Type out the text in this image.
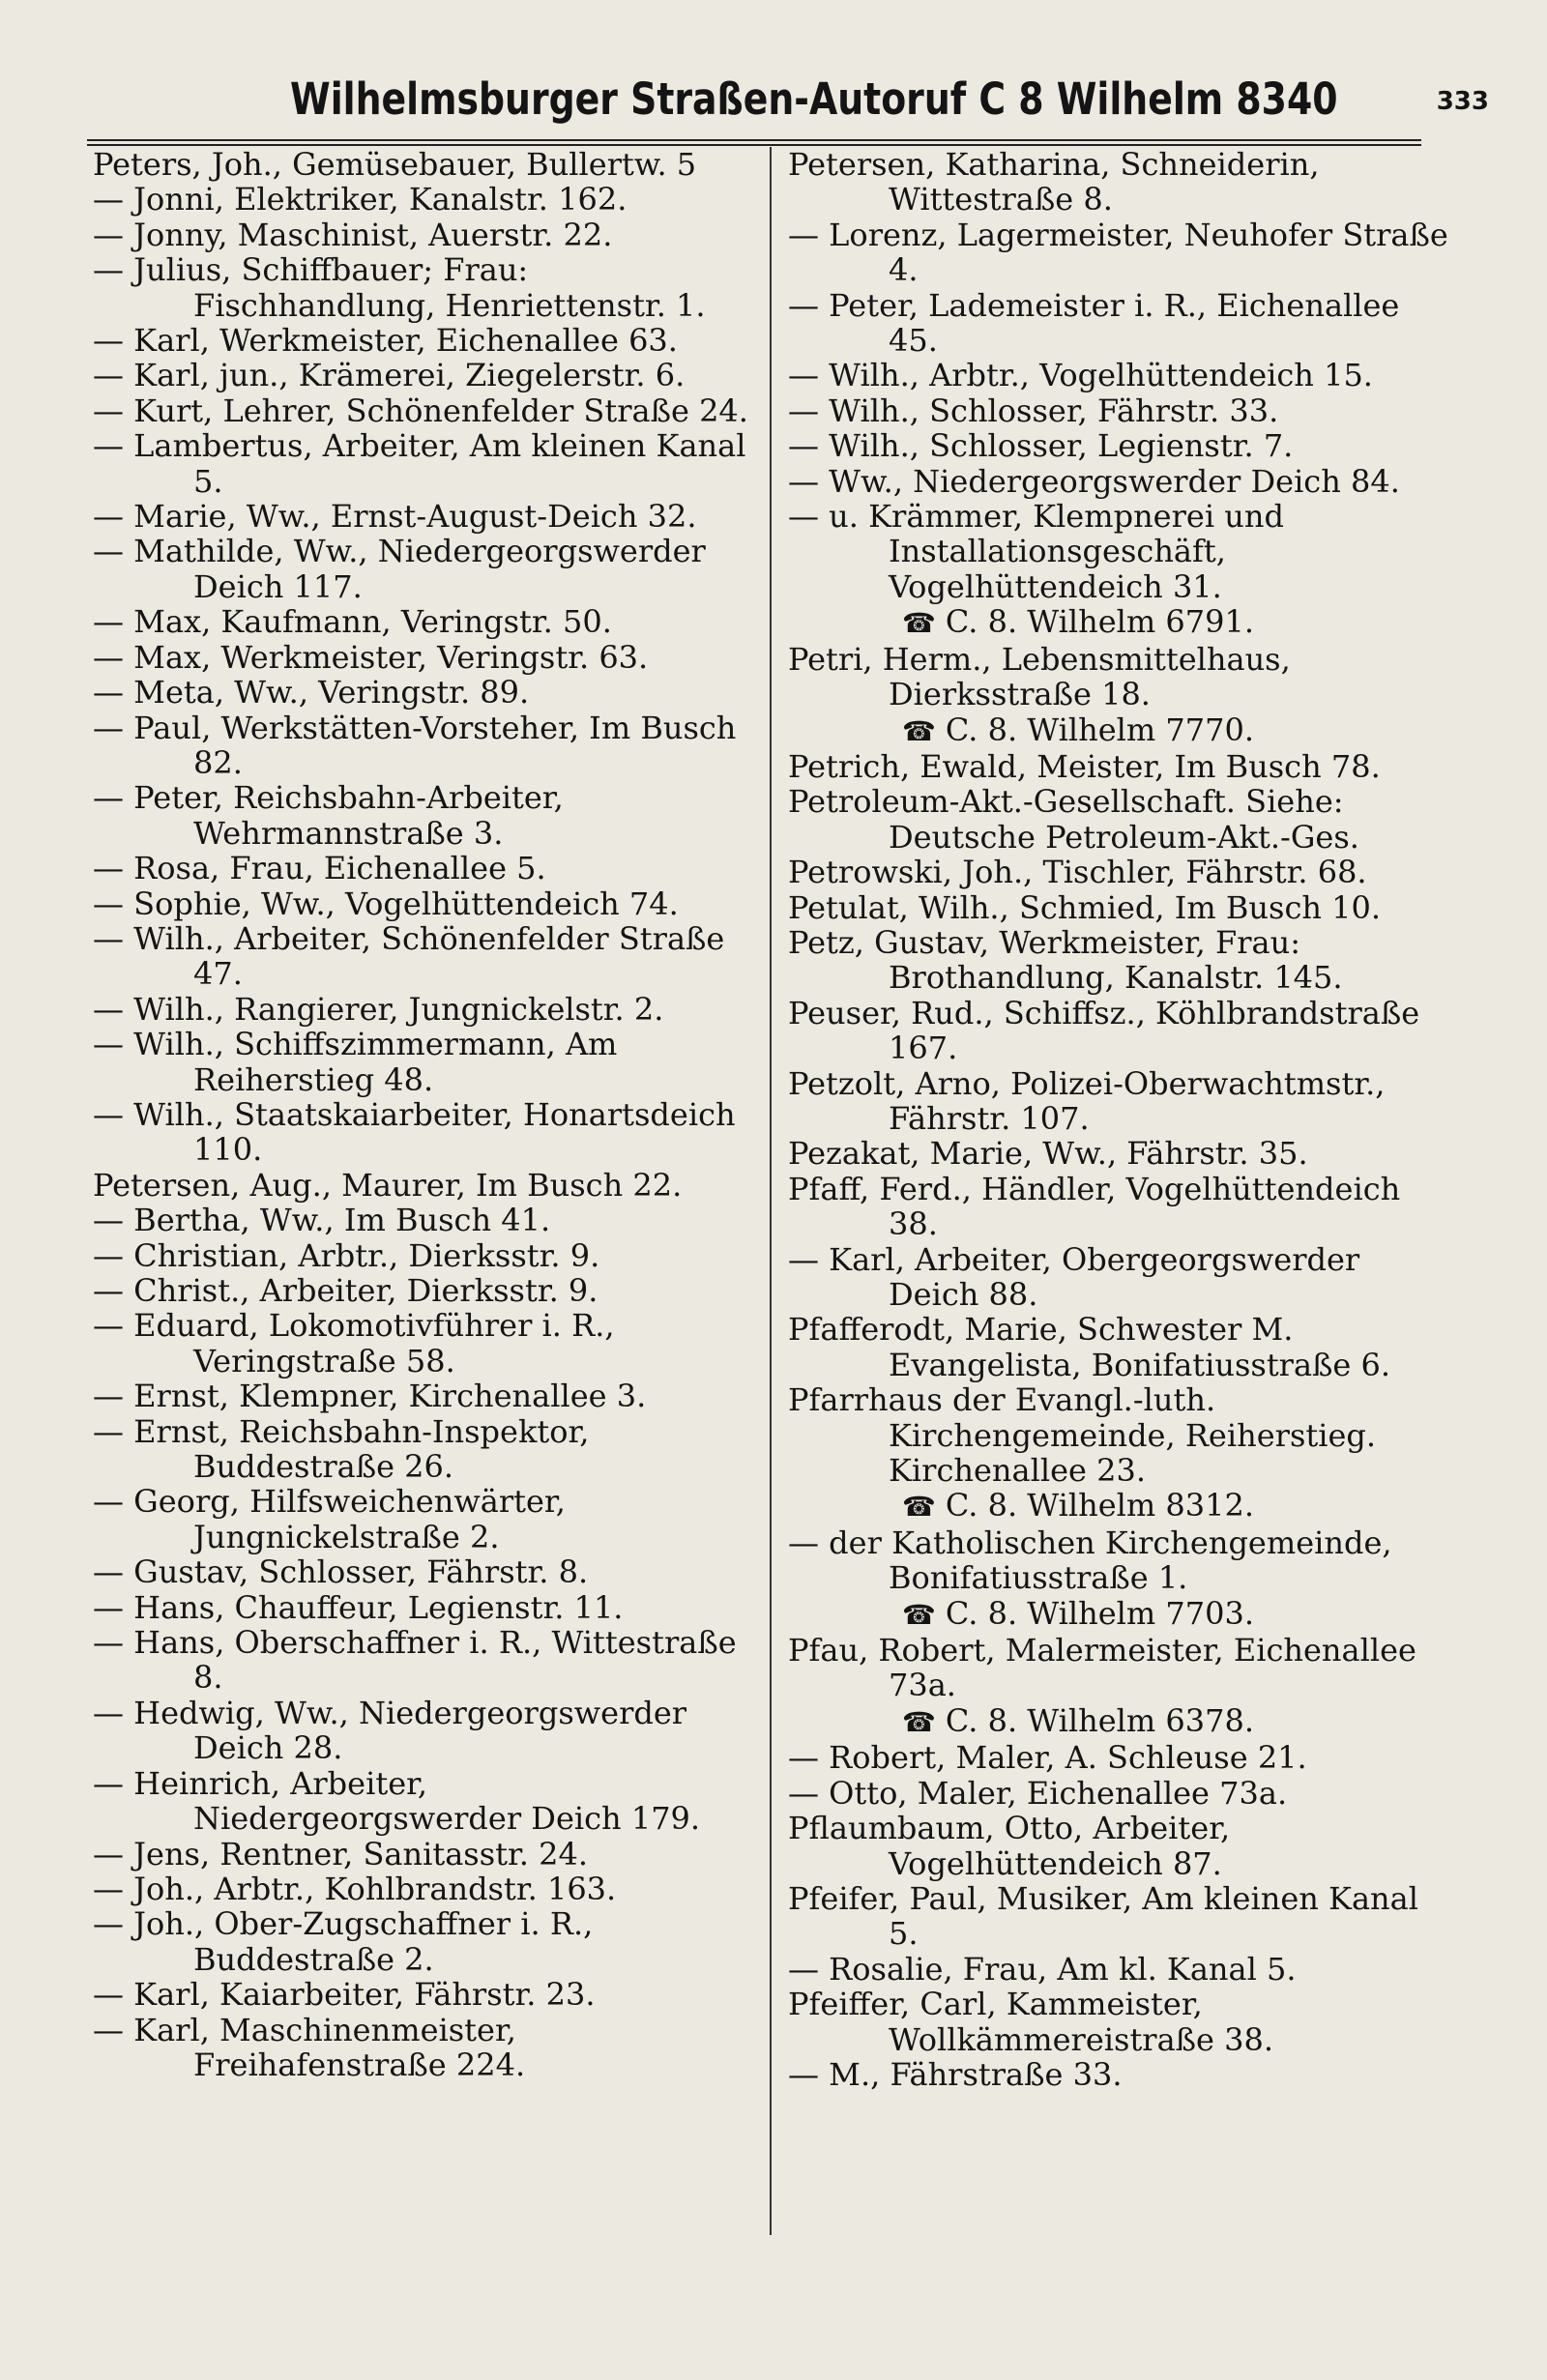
Wilhelmsburger Straßen-Autoruf C 8 Wilhelm 8340	333
Peters, Joh., Gemüsebauer, Bullertw. 5
— Jonni, Elektriker, Kanalstr. 162.
— Jonny, Maschinist, Auerstr. 22.
— Julius, Schiffbauer; Frau: Fischhandlung, Henriettenstr. 1.
— Karl, Werkmeister, Eichenallee 63.
— Karl, jun., Krämerei, Ziegelerstr. 6.
— Kurt, Lehrer, Schönenfelder Straße 24.
— Lambertus, Arbeiter, Am kleinen Kanal 5.
— Marie, Ww., Ernst-August-Deich 32.
— Mathilde, Ww., Niedergeorgswerder Deich 117.
— Max, Kaufmann, Veringstr. 50.
— Max, Werkmeister, Veringstr. 63.
— Meta, Ww., Veringstr. 89.
— Paul, Werkstätten-Vorsteher, Im Busch 82.
— Peter, Reichsbahn-Arbeiter, Wehrmannstraße 3.
— Rosa, Frau, Eichenallee 5.
— Sophie, Ww., Vogelhüttendeich 74.
— Wilh., Arbeiter, Schönenfelder Straße 47.
— Wilh., Rangierer, Jungnickelstr. 2.
— Wilh., Schiffszimmermann, Am Reiherstieg 48.
— Wilh., Staatskaiarbeiter, Honartsdeich 110.
Petersen, Aug., Maurer, Im Busch 22.
— Bertha, Ww., Im Busch 41.
— Christian, Arbtr., Dierksstr. 9.
— Christ., Arbeiter, Dierksstr. 9.
— Eduard, Lokomotivführer i. R., Veringstraße 58.
— Ernst, Klempner, Kirchenallee 3.
— Ernst, Reichsbahn-Inspektor, Buddestraße 26.
— Georg, Hilfsweichenwärter, Jungnickelstraße 2.
— Gustav, Schlosser, Fährstr. 8.
— Hans, Chauffeur, Legienstr. 11.
— Hans, Oberschaffner i. R., Wittestraße 8.
— Hedwig, Ww., Niedergeorgswerder Deich 28.
— Heinrich, Arbeiter, Niedergeorgswerder Deich 179.
— Jens, Rentner, Sanitasstr. 24.
— Joh., Arbtr., Kohlbrandstr. 163.
— Joh., Ober-Zugschaffner i. R., Buddestraße 2.
— Karl, Kaiarbeiter, Fährstr. 23.
— Karl, Maschinenmeister, Freihafenstraße 224.
Petersen, Katharina, Schneiderin, Wittestraße 8.
— Lorenz, Lagermeister, Neuhofer Straße 4.
— Peter, Lademeister i. R., Eichenallee 45.
— Wilh., Arbtr., Vogelhüttendeich 15.
— Wilh., Schlosser, Fährstr. 33.
— Wilh., Schlosser, Legienstr. 7.
— Ww., Niedergeorgswerder Deich 84.
— u. Krämmer, Klempnerei und Installationsgeschäft, Vogelhüttendeich 31.
☎ C. 8. Wilhelm 6791.
Petri, Herm., Lebensmittelhaus, Dierksstraße 18.
☎ C. 8. Wilhelm 7770.
Petrich, Ewald, Meister, Im Busch 78.
Petroleum-Akt.-Gesellschaft. Siehe: Deutsche Petroleum-Akt.-Ges.
Petrowski, Joh., Tischler, Fährstr. 68.
Petulat, Wilh., Schmied, Im Busch 10.
Petz, Gustav, Werkmeister, Frau: Brothandlung, Kanalstr. 145.
Peuser, Rud., Schiffsz., Köhlbrandstraße 167.
Petzolt, Arno, Polizei-Oberwachtmstr., Fährstr. 107.
Pezakat, Marie, Ww., Fährstr. 35.
Pfaff, Ferd., Händler, Vogelhüttendeich 38.
— Karl, Arbeiter, Obergeorgswerder Deich 88.
Pfafferodt, Marie, Schwester M. Evangelista, Bonifatiusstraße 6.
Pfarrhaus der Evangl.-luth. Kirchengemeinde, Reiherstieg. Kirchenallee 23.
☎ C. 8. Wilhelm 8312.
— der Katholischen Kirchengemeinde, Bonifatiusstraße 1.
☎ C. 8. Wilhelm 7703.
Pfau, Robert, Malermeister, Eichenallee 73a.
☎ C. 8. Wilhelm 6378.
— Robert, Maler, A. Schleuse 21.
— Otto, Maler, Eichenallee 73a.
Pflaumbaum, Otto, Arbeiter, Vogelhüttendeich 87.
Pfeifer, Paul, Musiker, Am kleinen Kanal 5.
— Rosalie, Frau, Am kl. Kanal 5.
Pfeiffer, Carl, Kammeister, Wollkämmereistraße 38.
— M., Fährstraße 33.
